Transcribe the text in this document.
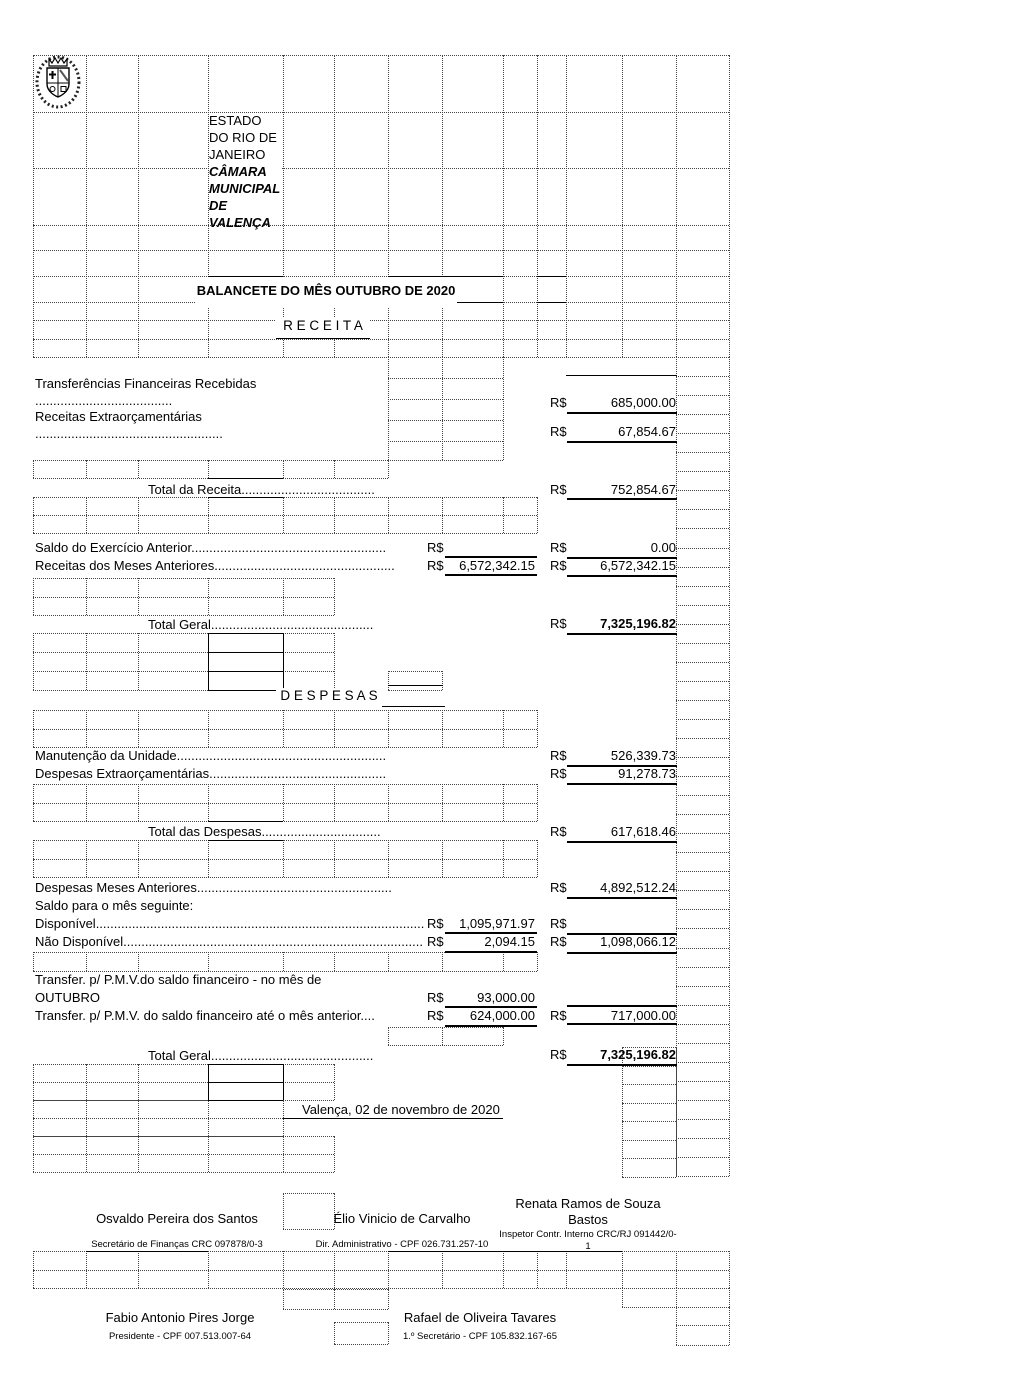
ESTADO
DO RIO DE
JANEIRO
CÂMARA
MUNICIPAL
DE
VALENÇA
BALANCETE DO MÊS OUTUBRO DE 2020
R E C E I T A
Transferências Financeiras Recebidas
......................................	R$	685,000.00
Receitas Extraorçamentárias
....................................................	R$	67,854.67
Total da Receita.....................................	R$	752,854.67
Saldo do Exercício Anterior......................................................	R$	R$	0.00
Receitas dos Meses Anteriores.................................................. R$	6,572,342.15 R$	6,572,342.15
Total Geral.............................................	R$	7,325,196.82
D E S P E S A S
Manutenção da Unidade..........................................................	R$	526,339.73
Despesas Extraorçamentárias.................................................	R$	91,278.73
Total das Despesas.................................	R$	617,618.46
Despesas Meses Anteriores......................................................	R$	4,892,512.24
Saldo para o mês seguinte:
Disponível........................................................................................... R$	1,095,971.97 R$
Não Disponível................................................................................... R$	2,094.15 R$	1,098,066.12
Transfer. p/ P.M.V.do saldo financeiro - no mês de
OUTUBRO	R$	93,000.00
Transfer. p/ P.M.V. do saldo financeiro até o mês anterior....	R$	624,000.00 R$	717,000.00
Total Geral.............................................	R$	7,325,196.82
Valença, 02 de novembro de 2020
Osvaldo Pereira dos Santos
Secretário de Finanças CRC 097878/0-3
Élio Vinicio de Carvalho
Dir. Administrativo - CPF 026.731.257-10
Renata Ramos de Souza
Bastos
Inspetor Contr. Interno CRC/RJ 091442/0-
1
Fabio Antonio Pires Jorge
Presidente - CPF 007.513.007-64
Rafael de Oliveira Tavares
1.º Secretário - CPF 105.832.167-65
